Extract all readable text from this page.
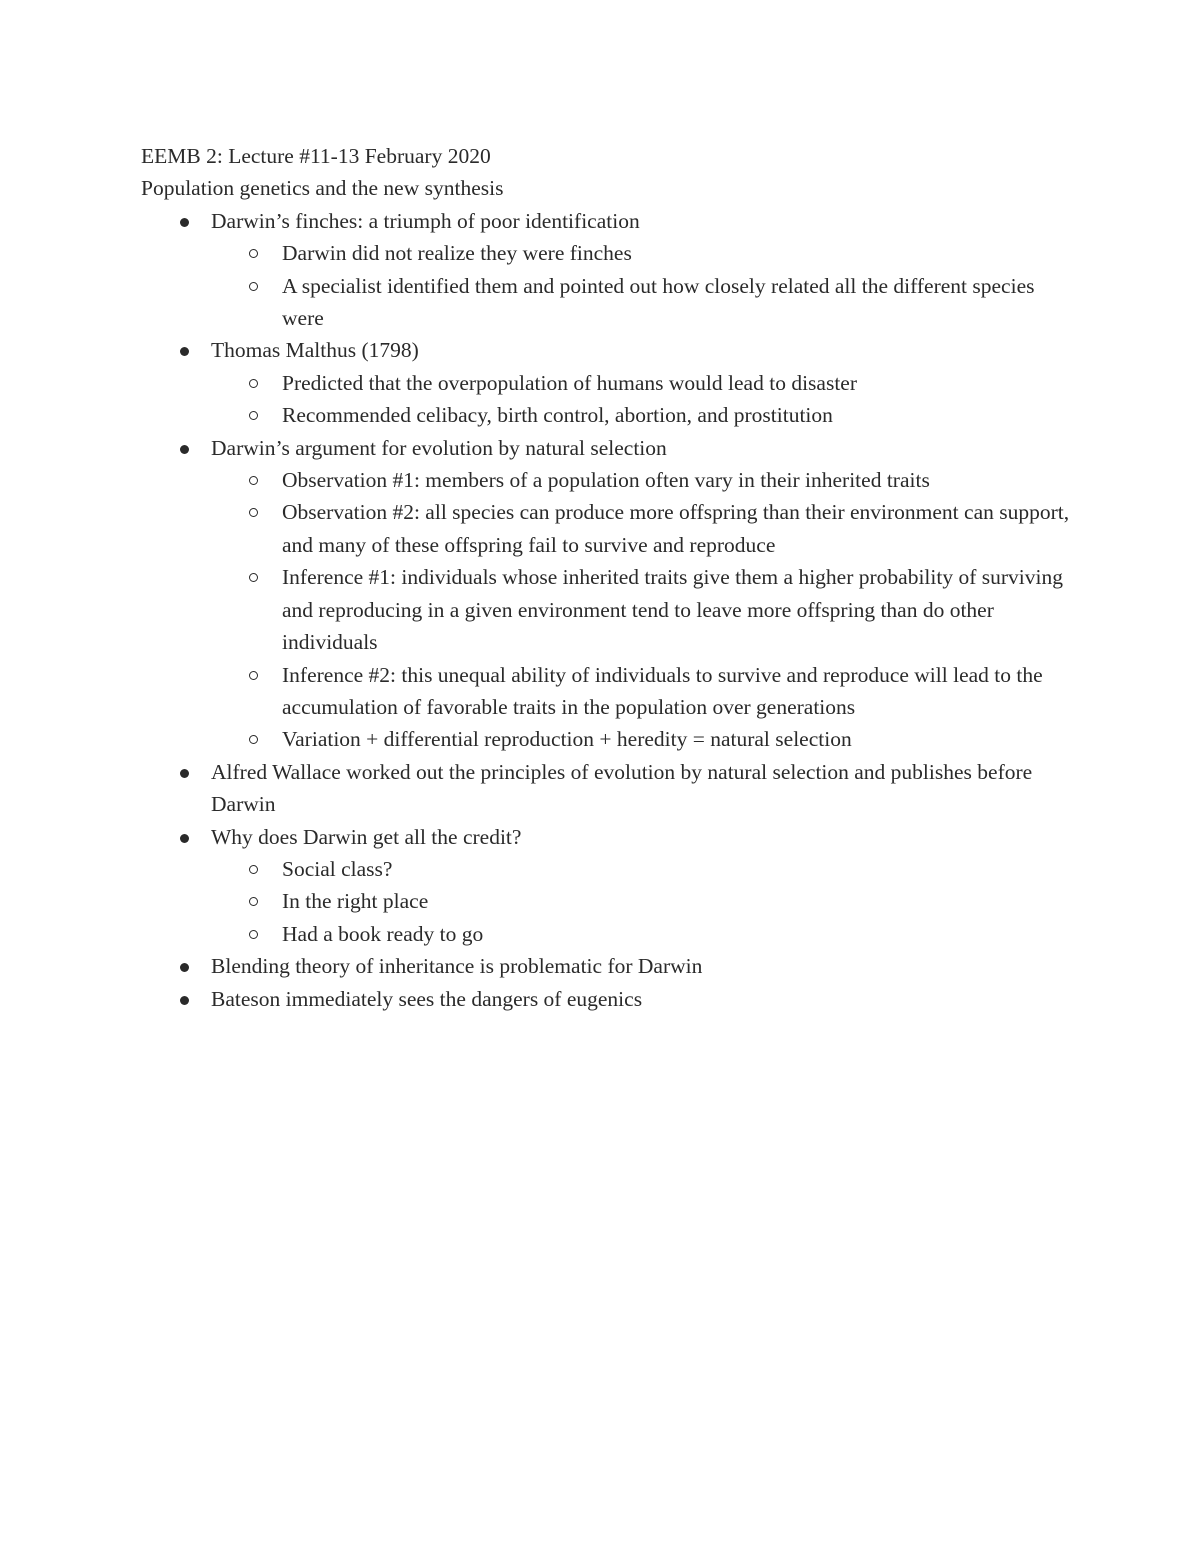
EEMB 2: Lecture #11-13 February 2020

Population genetics and the new synthesis

Darwin’s finches: a triumph of poor identification
Darwin did not realize they were finches
A specialist identified them and pointed out how closely related all the different species were
Thomas Malthus (1798)
Predicted that the overpopulation of humans would lead to disaster
Recommended celibacy, birth control, abortion, and prostitution
Darwin’s argument for evolution by natural selection
Observation #1: members of a population often vary in their inherited traits
Observation #2: all species can produce more offspring than their environment can support, and many of these offspring fail to survive and reproduce
Inference #1: individuals whose inherited traits give them a higher probability of surviving and reproducing in a given environment tend to leave more offspring than do other individuals
Inference #2: this unequal ability of individuals to survive and reproduce will lead to the accumulation of favorable traits in the population over generations
Variation + differential reproduction + heredity = natural selection
Alfred Wallace worked out the principles of evolution by natural selection and publishes before Darwin
Why does Darwin get all the credit?
Social class?
In the right place
Had a book ready to go
Blending theory of inheritance is problematic for Darwin
Bateson immediately sees the dangers of eugenics
